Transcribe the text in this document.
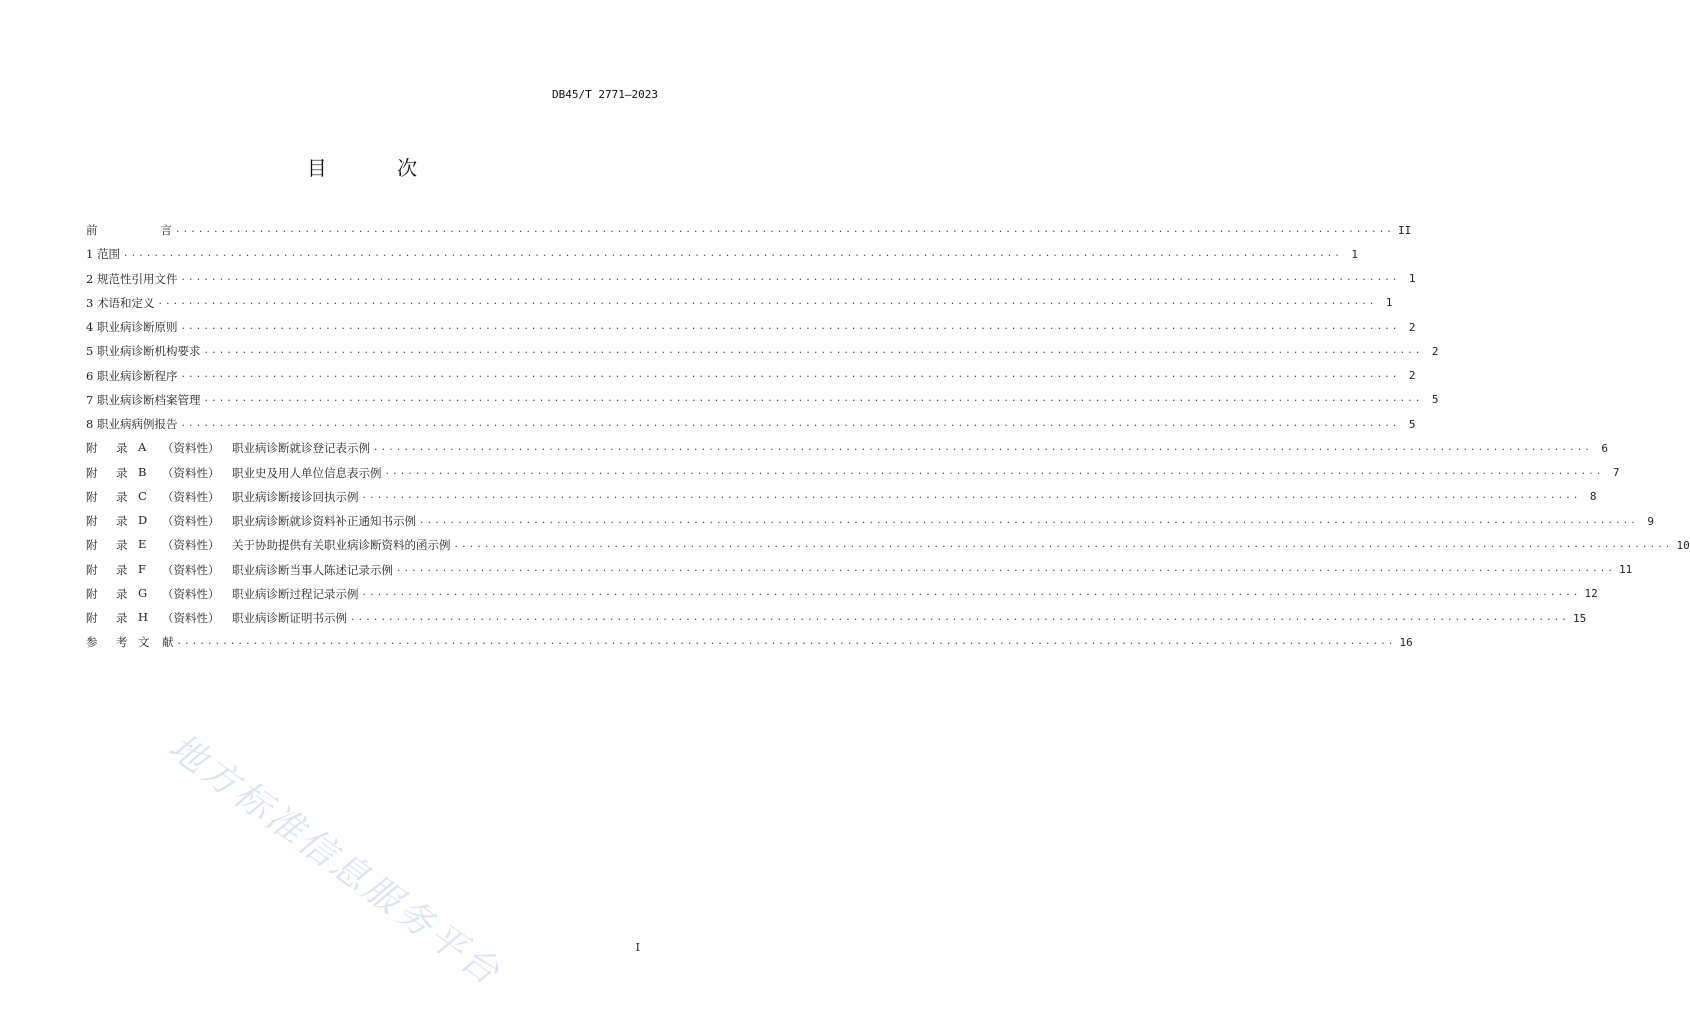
DB45/T 2771—2023
目 次
前	言 ................................................................................................................................................................ II
1 范围 ................................................................................................................................................................ 1
2 规范性引用文件 ................................................................................................................................................................ 1
3 术语和定义 ................................................................................................................................................................ 1
4 职业病诊断原则 ................................................................................................................................................................ 2
5 职业病诊断机构要求 ................................................................................................................................................................ 2
6 职业病诊断程序 ................................................................................................................................................................ 2
7 职业病诊断档案管理 ................................................................................................................................................................ 5
8 职业病病例报告 ................................................................................................................................................................ 5
附	录 A	（资料性）	职业病诊断就诊登记表示例 ................................................................................................................................................................ 6
附	录 B	（资料性）	职业史及用人单位信息表示例 ................................................................................................................................................................ 7
附	录 C	（资料性）	职业病诊断接诊回执示例 ................................................................................................................................................................ 8
附	录 D	（资料性）	职业病诊断就诊资料补正通知书示例 ................................................................................................................................................................ 9
附	录 E	（资料性）	关于协助提供有关职业病诊断资料的函示例 ................................................................................................................................................................ 10
附	录 F	（资料性）	职业病诊断当事人陈述记录示例 ................................................................................................................................................................ 11
附	录 G	（资料性）	职业病诊断过程记录示例 ................................................................................................................................................................ 12
附	录 H	（资料性）	职业病诊断证明书示例 ................................................................................................................................................................ 15
参	考 文	献 ................................................................................................................................................................ 16
地方标准信息服务平台	I
